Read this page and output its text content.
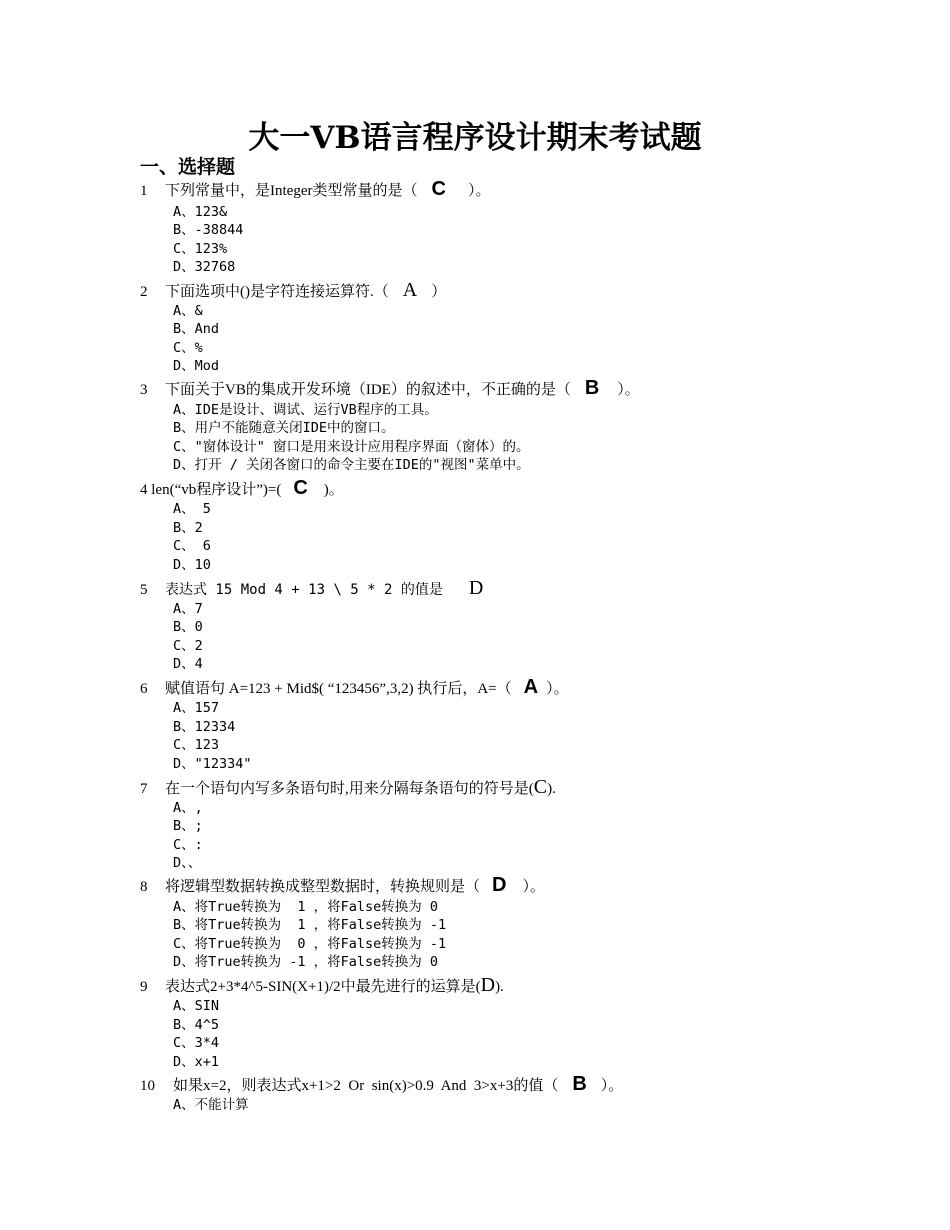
大一VB语言程序设计期末考试题
一、选择题
1 下列常量中，是Integer类型常量的是（ C ）。
A、123&
B、-38844
C、123%
D、32768
2 下面选项中()是字符连接运算符.（ A ）
A、&
B、And
C、%
D、Mod
3 下面关于VB的集成开发环境（IDE）的叙述中，不正确的是（ B ）。
A、IDE是设计、调试、运行VB程序的工具。
B、用户不能随意关闭IDE中的窗口。
C、"窗体设计" 窗口是用来设计应用程序界面（窗体）的。
D、打开 / 关闭各窗口的命令主要在IDE的"视图"菜单中。
4 len(“vb程序设计”)=( C )。
A、 5
B、2
C、 6
D、10
5 表达式 15 Mod 4 + 13 \ 5 * 2 的值是 D
A、7
B、0
C、2
D、4
6 赋值语句 A=123 + Mid$( “123456”,3,2) 执行后，A=（ A ）。
A、157
B、12334
C、123
D、"12334"
7 在一个语句内写多条语句时,用来分隔每条语句的符号是(C).
A、,
B、;
C、:
D、、
8 将逻辑型数据转换成整型数据时，转换规则是（ D ）。
A、将True转换为  1 ，将False转换为 0
B、将True转换为  1 ，将False转换为 -1
C、将True转换为  0 ，将False转换为 -1
D、将True转换为 -1 ，将False转换为 0
9 表达式2+3*4^5-SIN(X+1)/2中最先进行的运算是(D).
A、SIN
B、4^5
C、3*4
D、x+1
10 如果x=2，则表达式x+1>2  Or  sin(x)>0.9  And  3>x+3的值（ B ）。
A、不能计算
